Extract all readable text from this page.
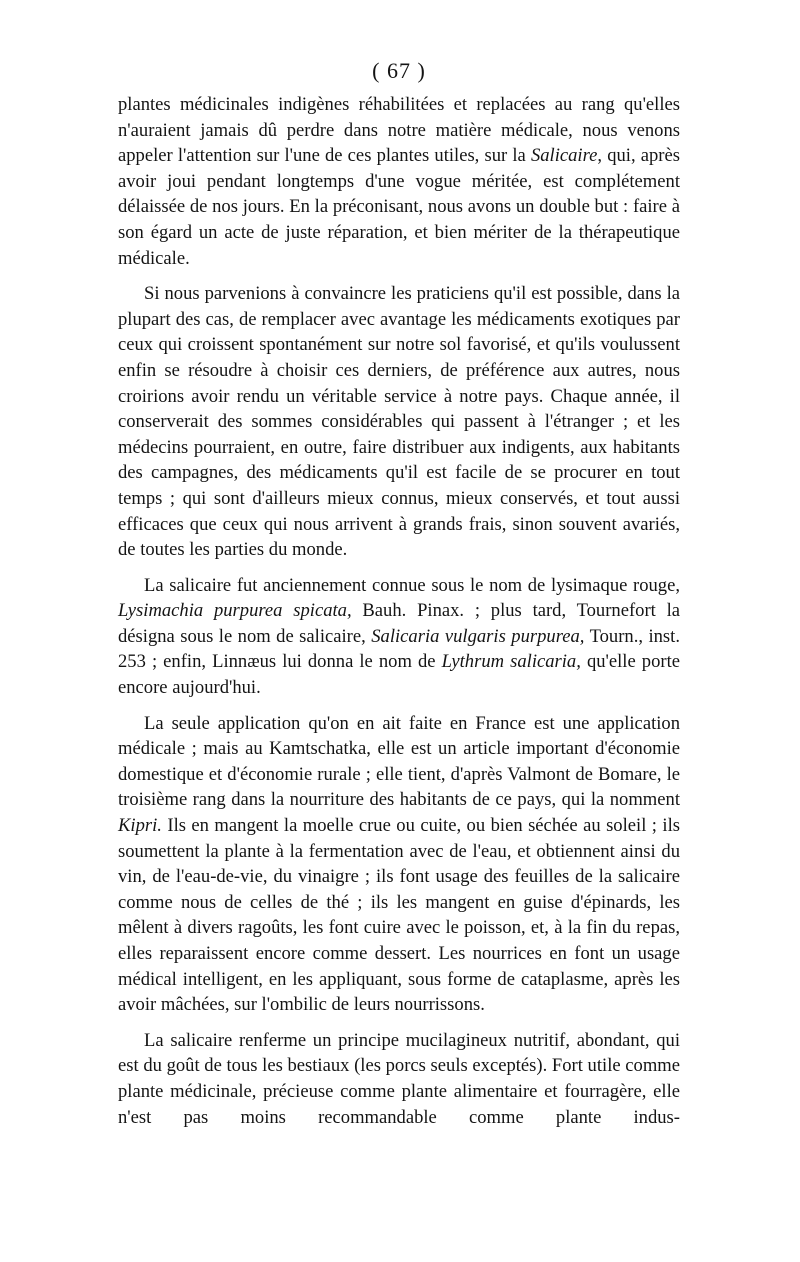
( 67 )

plantes médicinales indigènes réhabilitées et replacées au rang qu'elles n'auraient jamais dû perdre dans notre matière médicale, nous venons appeler l'attention sur l'une de ces plantes utiles, sur la Salicaire, qui, après avoir joui pendant longtemps d'une vogue méritée, est complétement délaissée de nos jours. En la préconisant, nous avons un double but : faire à son égard un acte de juste réparation, et bien mériter de la thérapeutique médicale.

Si nous parvenions à convaincre les praticiens qu'il est possible, dans la plupart des cas, de remplacer avec avantage les médicaments exotiques par ceux qui croissent spontanément sur notre sol favorisé, et qu'ils voulussent enfin se résoudre à choisir ces derniers, de préférence aux autres, nous croirions avoir rendu un véritable service à notre pays. Chaque année, il conserverait des sommes considérables qui passent à l'étranger ; et les médecins pourraient, en outre, faire distribuer aux indigents, aux habitants des campagnes, des médicaments qu'il est facile de se procurer en tout temps ; qui sont d'ailleurs mieux connus, mieux conservés, et tout aussi efficaces que ceux qui nous arrivent à grands frais, sinon souvent avariés, de toutes les parties du monde.

La salicaire fut anciennement connue sous le nom de lysimaque rouge, Lysimachia purpurea spicata, Bauh. Pinax. ; plus tard, Tournefort la désigna sous le nom de salicaire, Salicaria vulgaris purpurea, Tourn., inst. 253 ; enfin, Linnæus lui donna le nom de Lythrum salicaria, qu'elle porte encore aujourd'hui.

La seule application qu'on en ait faite en France est une application médicale ; mais au Kamtschatka, elle est un article important d'économie domestique et d'économie rurale ; elle tient, d'après Valmont de Bomare, le troisième rang dans la nourriture des habitants de ce pays, qui la nomment Kipri. Ils en mangent la moelle crue ou cuite, ou bien séchée au soleil ; ils soumettent la plante à la fermentation avec de l'eau, et obtiennent ainsi du vin, de l'eau-de-vie, du vinaigre ; ils font usage des feuilles de la salicaire comme nous de celles de thé ; ils les mangent en guise d'épinards, les mêlent à divers ragoûts, les font cuire avec le poisson, et, à la fin du repas, elles reparaissent encore comme dessert. Les nourrices en font un usage médical intelligent, en les appliquant, sous forme de cataplasme, après les avoir mâchées, sur l'ombilic de leurs nourrissons.

La salicaire renferme un principe mucilagineux nutritif, abondant, qui est du goût de tous les bestiaux (les porcs seuls exceptés). Fort utile comme plante médicinale, précieuse comme plante alimentaire et fourragère, elle n'est pas moins recommandable comme plante indus-
